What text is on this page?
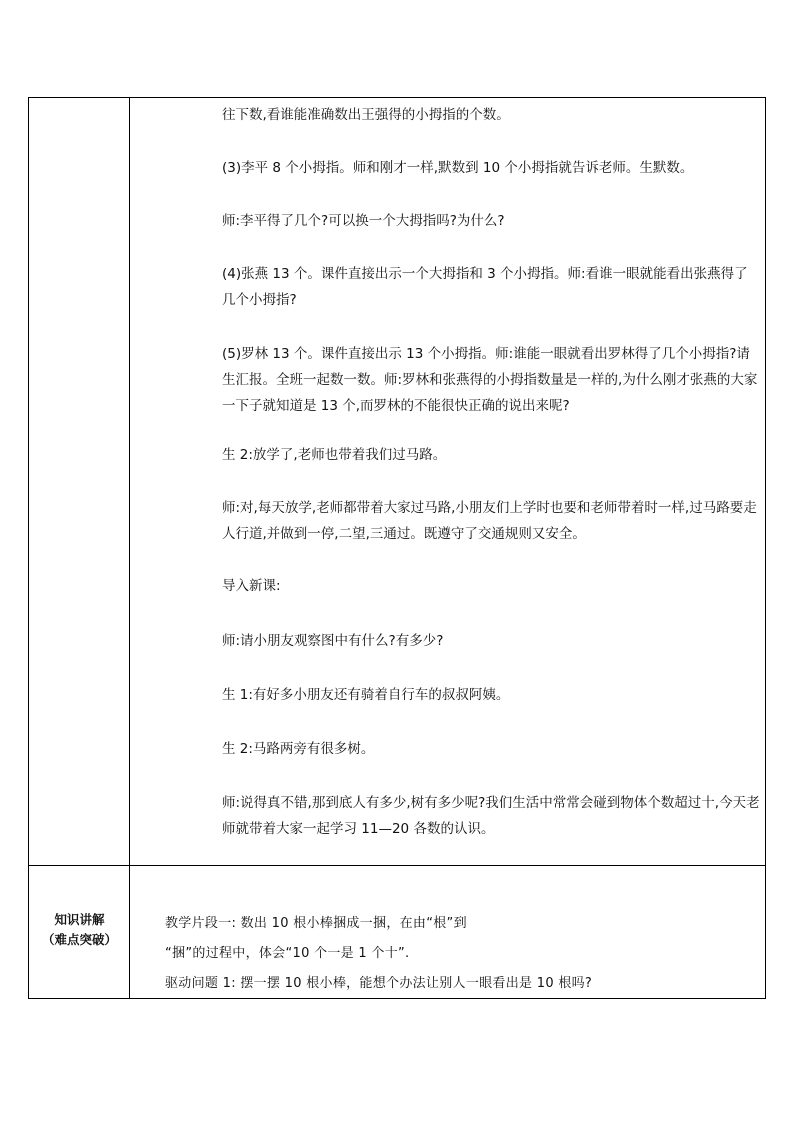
往下数,看谁能准确数出王强得的小拇指的个数。

(3)李平 8 个小拇指。师和刚才一样,默数到 10 个小拇指就告诉老师。生默数。

师:李平得了几个?可以换一个大拇指吗?为什么?

(4)张燕 13 个。课件直接出示一个大拇指和 3 个小拇指。师:看谁一眼就能看出张燕得了几个小拇指?

(5)罗林 13 个。课件直接出示 13 个小拇指。师:谁能一眼就看出罗林得了几个小拇指?请生汇报。全班一起数一数。师:罗林和张燕得的小拇指数量是一样的,为什么刚才张燕的大家一下子就知道是 13 个,而罗林的不能很快正确的说出来呢?

生 2:放学了,老师也带着我们过马路。

师:对,每天放学,老师都带着大家过马路,小朋友们上学时也要和老师带着时一样,过马路要走人行道,并做到一停,二望,三通过。既遵守了交通规则又安全。

导入新课:

师:请小朋友观察图中有什么?有多少?

生 1:有好多小朋友还有骑着自行车的叔叔阿姨。

生 2:马路两旁有很多树。

师:说得真不错,那到底人有多少,树有多少呢?我们生活中常常会碰到物体个数超过十,今天老师就带着大家一起学习 11—20 各数的认识。

知识讲解
（难点突破）

教学片段一: 数出 10 根小棒捆成一捆，在由“根”到

“捆”的过程中，体会“10 个一是 1 个十”.

驱动问题 1: 摆一摆 10 根小棒，能想个办法让别人一眼看出是 10 根吗?
